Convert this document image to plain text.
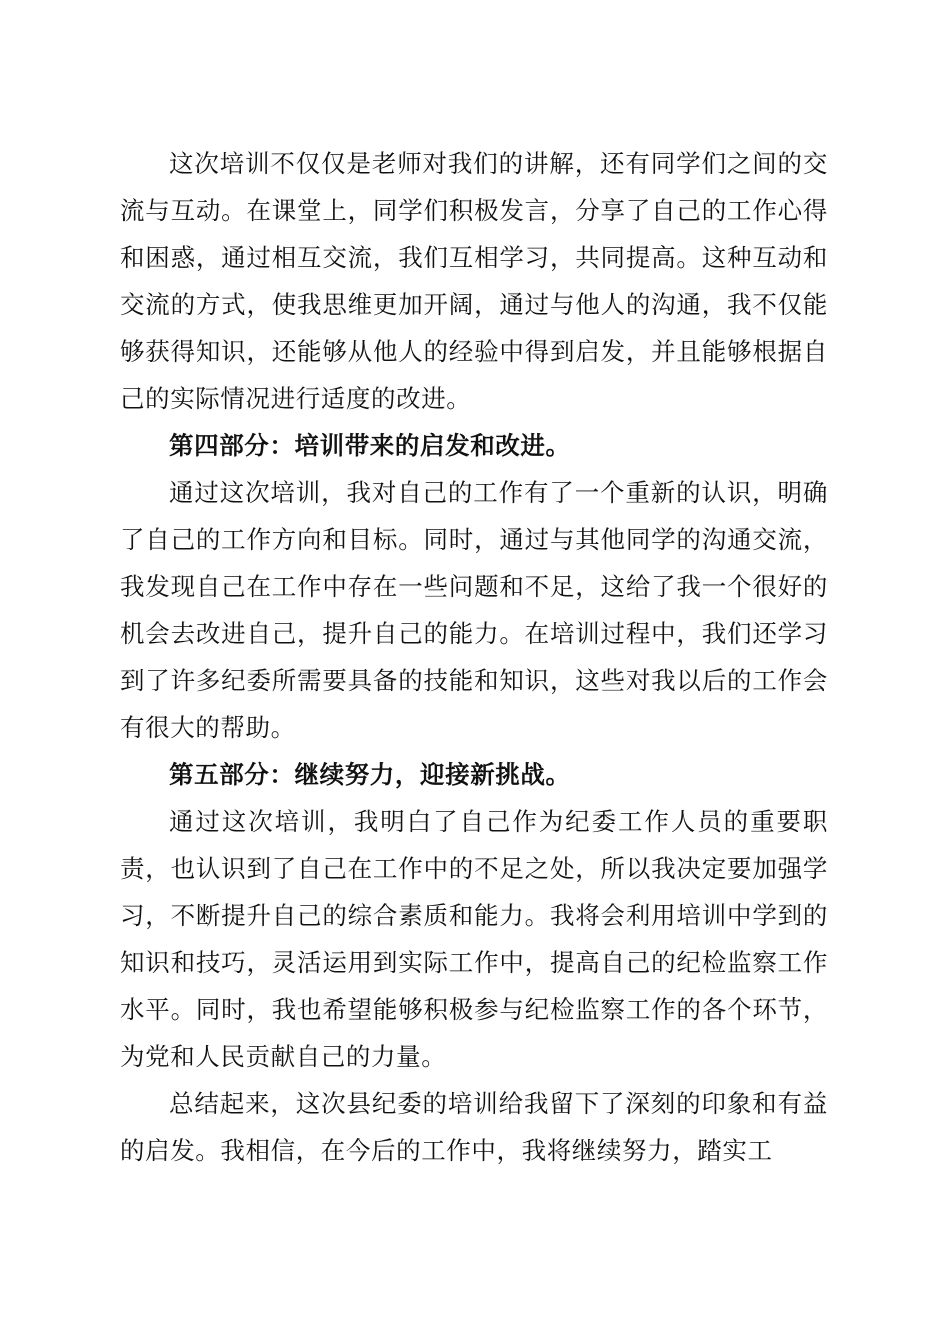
这次培训不仅仅是老师对我们的讲解，还有同学们之间的交流与互动。在课堂上，同学们积极发言，分享了自己的工作心得和困惑，通过相互交流，我们互相学习，共同提高。这种互动和交流的方式，使我思维更加开阔，通过与他人的沟通，我不仅能够获得知识，还能够从他人的经验中得到启发，并且能够根据自己的实际情况进行适度的改进。

第四部分：培训带来的启发和改进。

通过这次培训，我对自己的工作有了一个重新的认识，明确了自己的工作方向和目标。同时，通过与其他同学的沟通交流，我发现自己在工作中存在一些问题和不足，这给了我一个很好的机会去改进自己，提升自己的能力。在培训过程中，我们还学习到了许多纪委所需要具备的技能和知识，这些对我以后的工作会有很大的帮助。

第五部分：继续努力，迎接新挑战。

通过这次培训，我明白了自己作为纪委工作人员的重要职责，也认识到了自己在工作中的不足之处，所以我决定要加强学习，不断提升自己的综合素质和能力。我将会利用培训中学到的知识和技巧，灵活运用到实际工作中，提高自己的纪检监察工作水平。同时，我也希望能够积极参与纪检监察工作的各个环节，为党和人民贡献自己的力量。

总结起来，这次县纪委的培训给我留下了深刻的印象和有益的启发。我相信，在今后的工作中，我将继续努力，踏实工
